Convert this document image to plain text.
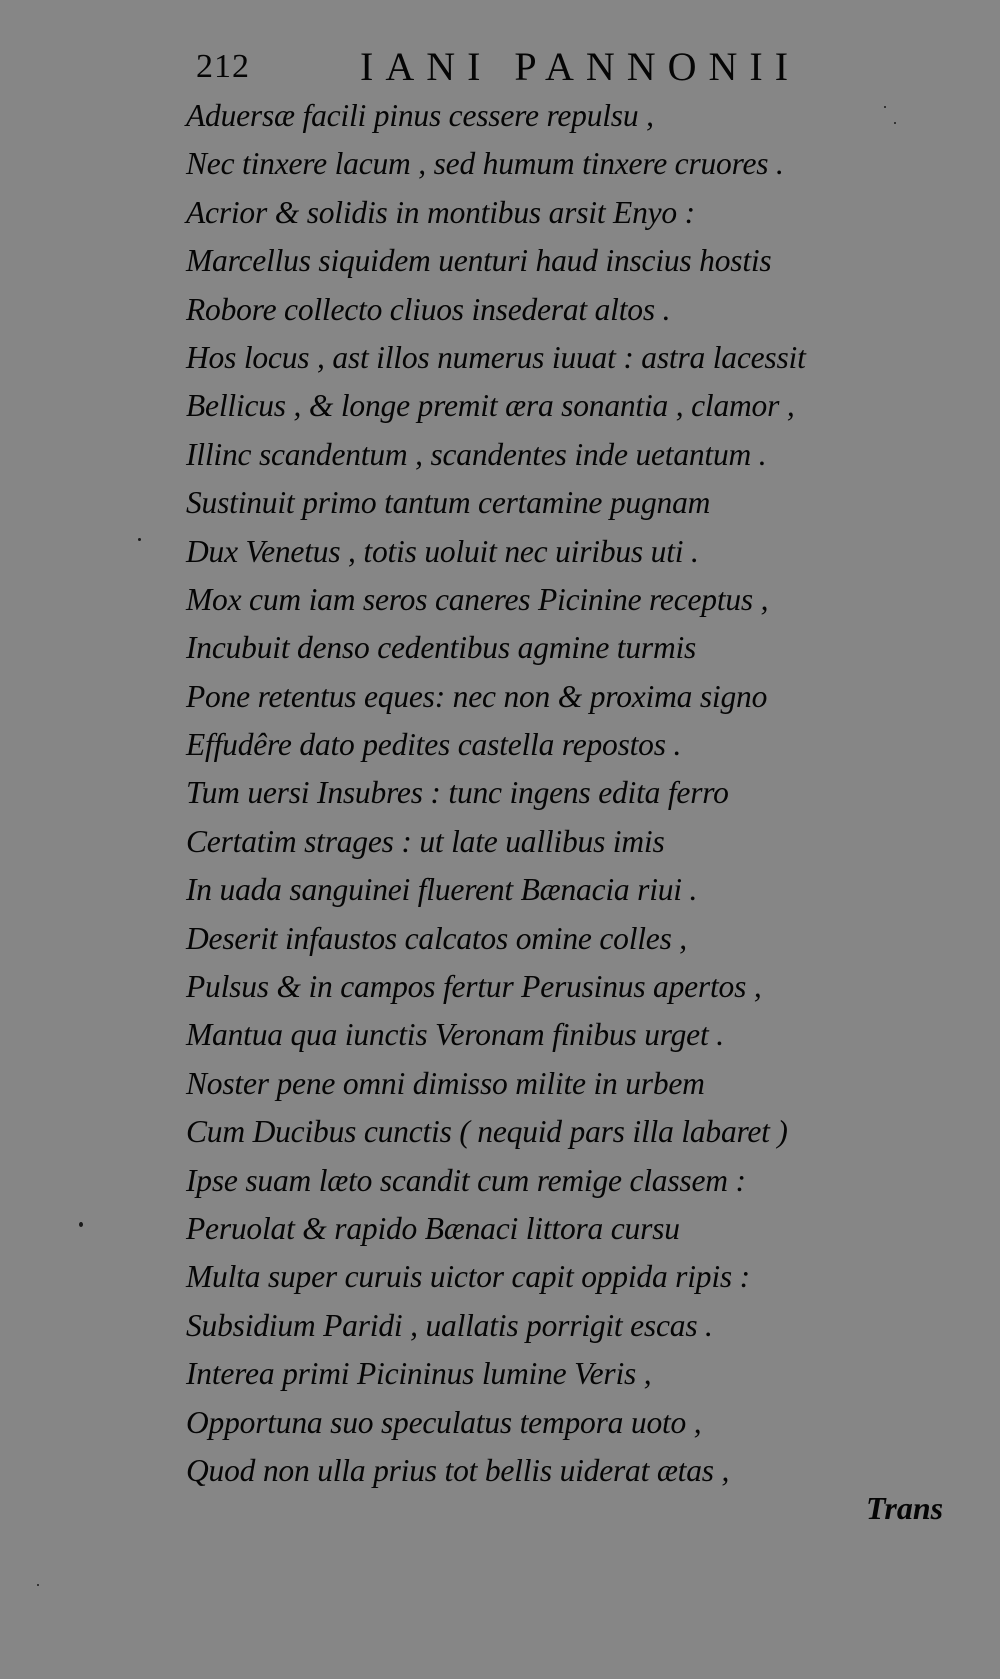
212	IANI PANNONII
Aduersæ facili pinus cessere repulsu ,
Nec tinxere lacum , sed humum tinxere cruores .
Acrior & solidis in montibus arsit Enyo :
Marcellus siquidem uenturi haud inscius hostis
Robore collecto cliuos insederat altos .
Hos locus , ast illos numerus iuuat : astra lacessit
Bellicus , & longe premit æra sonantia , clamor ,
Illinc scandentum , scandentes inde uetantum .
Sustinuit primo tantum certamine pugnam
Dux Venetus , totis uoluit nec uiribus uti .
Mox cum iam seros caneres Picinine receptus ,
Incubuit denso cedentibus agmine turmis
Pone retentus eques: nec non & proxima signo
Effudêre dato pedites castella repostos .
Tum uersi Insubres : tunc ingens edita ferro
Certatim strages : ut late uallibus imis
In uada sanguinei fluerent Bænacia riui .
Deserit infaustos calcatos omine colles ,
Pulsus & in campos fertur Perusinus apertos ,
Mantua qua iunctis Veronam finibus urget .
Noster pene omni dimisso milite in urbem
Cum Ducibus cunctis ( nequid pars illa labaret )
Ipse suam læto scandit cum remige classem :
Peruolat & rapido Bænaci littora cursu
Multa super curuis uictor capit oppida ripis :
Subsidium Paridi , uallatis porrigit escas .
Interea primi Picininus lumine Veris ,
Opportuna suo speculatus tempora uoto ,
Quod non ulla prius tot bellis uiderat ætas ,
Trans
